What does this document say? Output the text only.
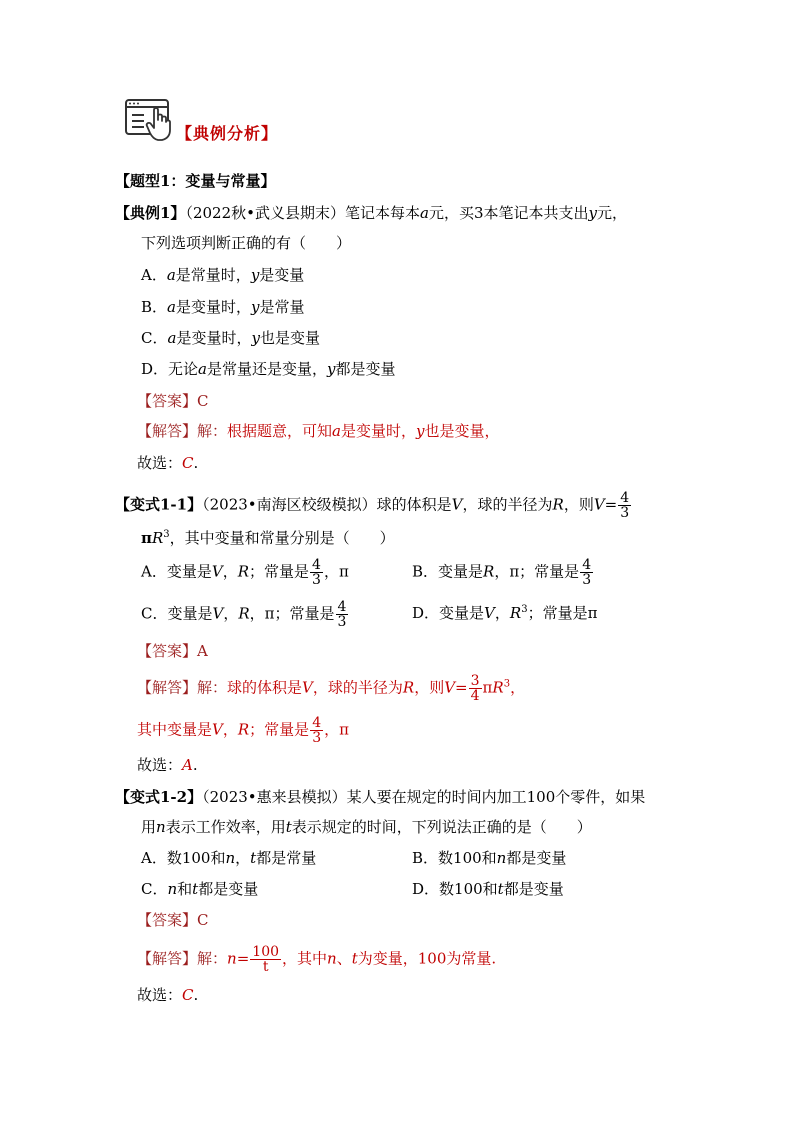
【典例分析】
【题型1：变量与常量】
【典例1】（2022秋•武义县期末）笔记本每本a元，买3本笔记本共支出y元，
下列选项判断正确的有（　　）
A．a是常量时，y是变量
B．a是变量时，y是常量
C．a是变量时，y也是变量
D．无论a是常量还是变量，y都是变量
【答案】C
【解答】解：根据题意，可知a是变量时，y也是变量，
故选：C.
【变式1-1】（2023•南海区校级模拟）球的体积是V，球的半径为R，则$V= \frac{4}{3}$
$\pi R^3$，其中变量和常量分别是（　　）
A．变量是V，R；常量是 $\frac{4}{3}$ ，π	B．变量是R，π；常量是 $\frac{4}{3}$
C．变量是V，R，π；常量是 $\frac{4}{3}$	D．变量是V，$R^3$；常量是π
【答案】A
【解答】解：球的体积是V，球的半径为R，则$V= \frac{3}{4} \pi R^3$，
其中变量是V，R；常量是 $\frac{4}{3}$ ，π
故选：A.
【变式1-2】（2023•惠来县模拟）某人要在规定的时间内加工100个零件，如果
用n表示工作效率，用t表示规定的时间，下列说法正确的是（　　）
A．数100和n，t都是常量	B．数100和n都是变量
C．n和t都是变量	D．数100和t都是变量
【答案】C
【解答】解：$n= \frac{100}{t}$ ，其中n、t为变量，100为常量.
故选：C.
